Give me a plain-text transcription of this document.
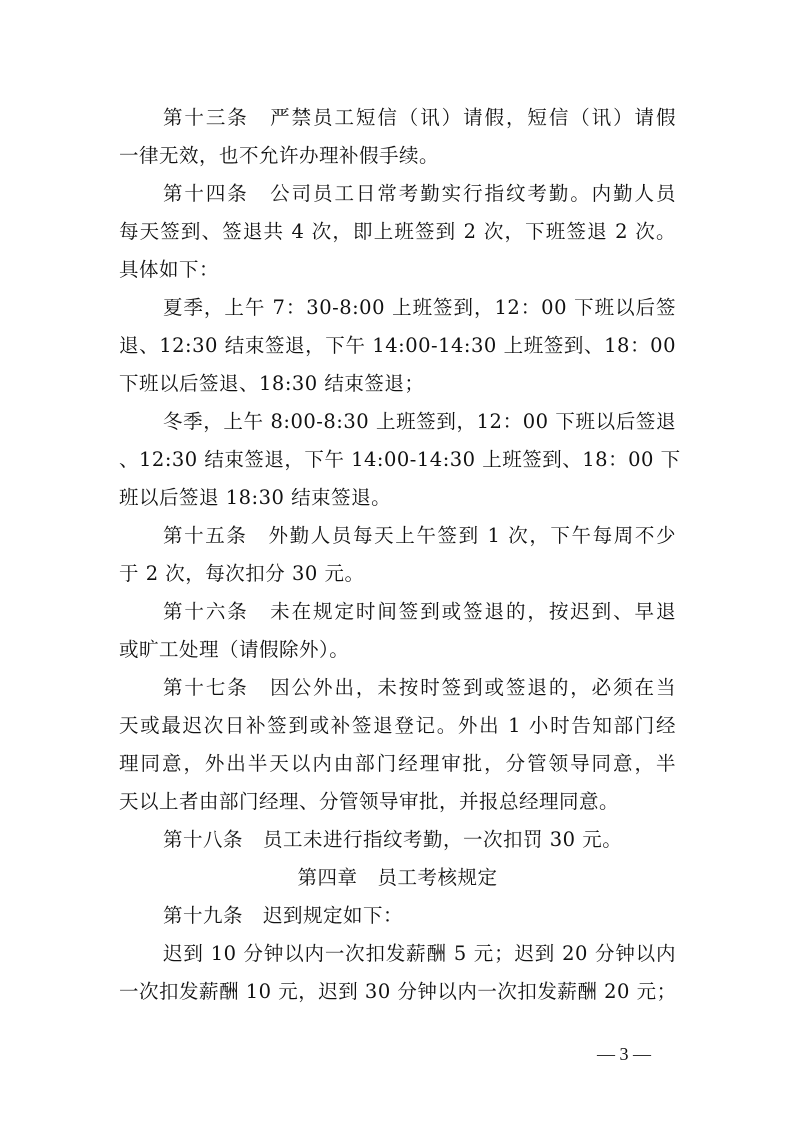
第十三条　严禁员工短信（讯）请假，短信（讯）请假
一律无效，也不允许办理补假手续。
第十四条　公司员工日常考勤实行指纹考勤。内勤人员
每天签到、签退共 4 次，即上班签到 2 次，下班签退 2 次。
具体如下：
夏季，上午 7：30-8:00 上班签到，12：00 下班以后签
退、12:30 结束签退，下午 14:00-14:30 上班签到、18：00
下班以后签退、18:30 结束签退；
冬季，上午 8:00-8:30 上班签到，12：00 下班以后签退
、12:30 结束签退，下午 14:00-14:30 上班签到、18：00 下
班以后签退 18:30 结束签退。
第十五条　外勤人员每天上午签到 1 次，下午每周不少
于 2 次，每次扣分 30 元。
第十六条　未在规定时间签到或签退的，按迟到、早退
或旷工处理（请假除外）。
第十七条　因公外出，未按时签到或签退的，必须在当
天或最迟次日补签到或补签退登记。外出 1 小时告知部门经
理同意，外出半天以内由部门经理审批，分管领导同意，半
天以上者由部门经理、分管领导审批，并报总经理同意。
第十八条　员工未进行指纹考勤，一次扣罚 30 元。
第四章　员工考核规定
第十九条　迟到规定如下：
迟到 10 分钟以内一次扣发薪酬 5 元；迟到 20 分钟以内
一次扣发薪酬 10 元，迟到 30 分钟以内一次扣发薪酬 20 元；
— 3 —
